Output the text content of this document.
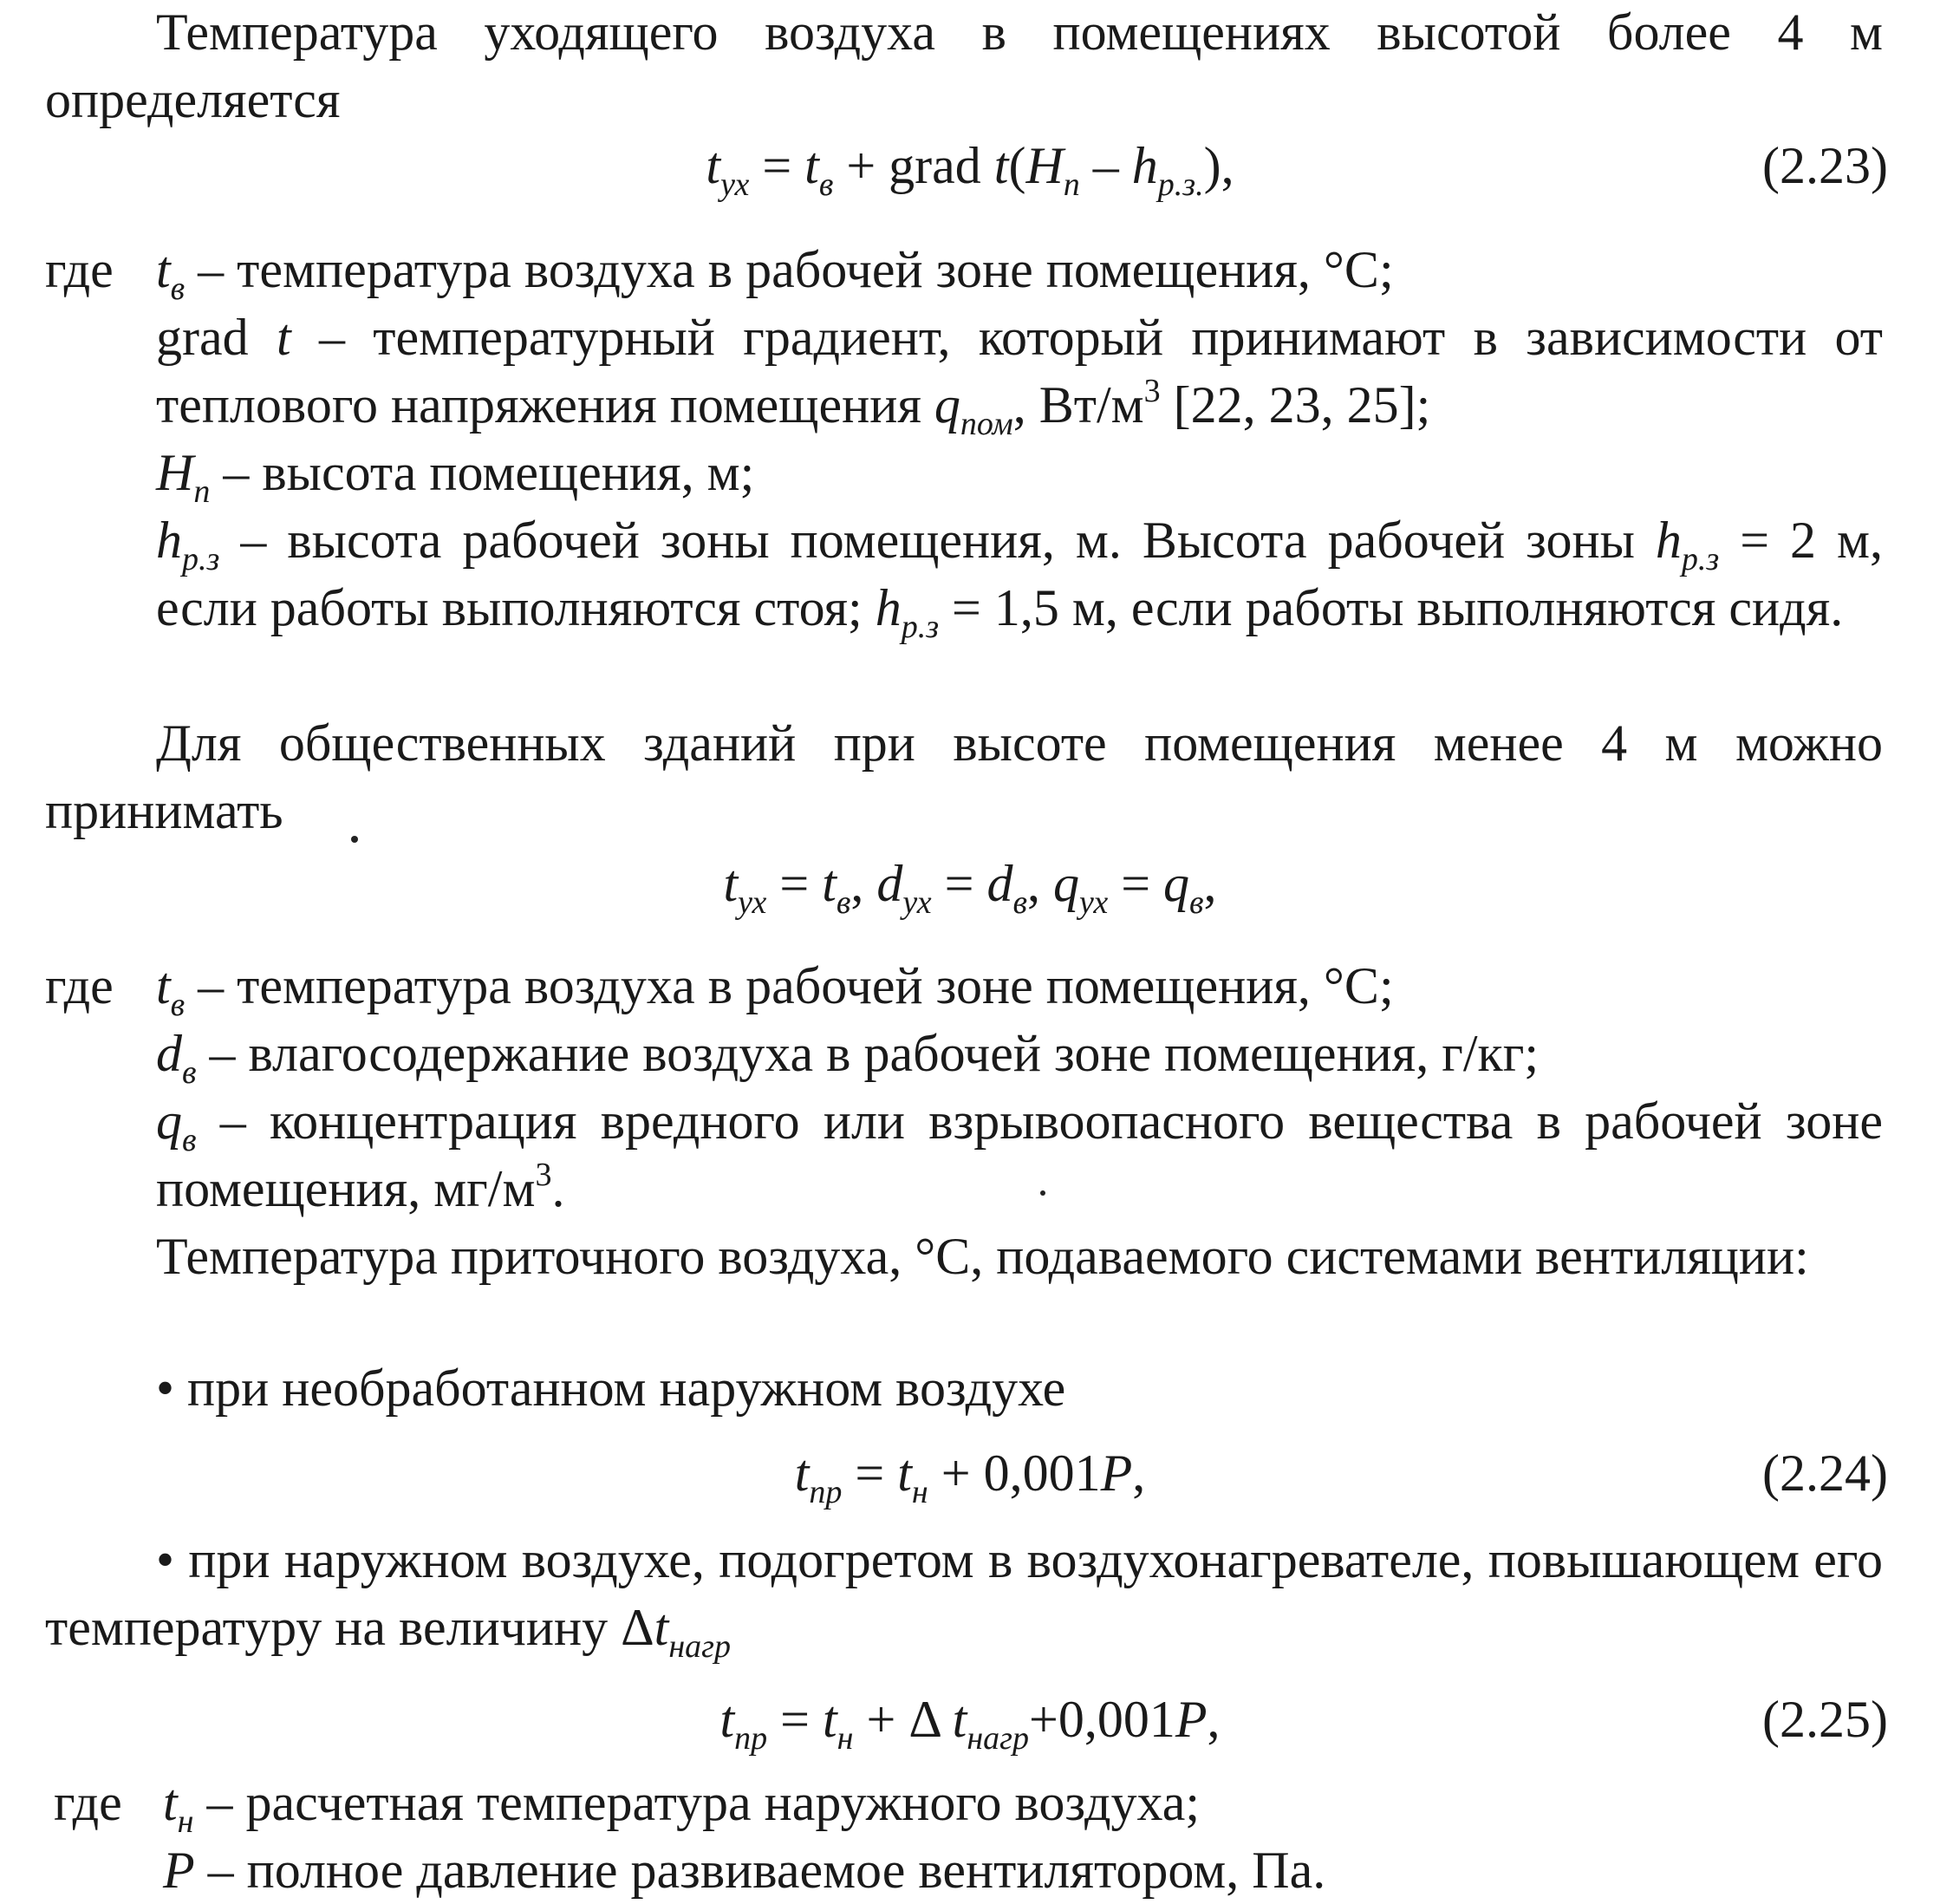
Температура уходящего воздуха в помещениях высотой более 4 м определяется
$t_{ух} = t_в$ + grad $t(H_п - h_{р.з.})$,	(2.23)
где $t_в$ – температура воздуха в рабочей зоне помещения, °С;
grad t – температурный градиент, который принимают в зависимости от теплового напряжения помещения $q_{пом}$, $Вт/м^3$ [22, 23, 25];
$H_п$ – высота помещения, м;
$h_{р.з}$ – высота рабочей зоны помещения, м. Высота рабочей зоны $h_{р.з} = 2$ м, если работы выполняются стоя; $h_{р.з} = 1,5$ м, если работы выполняются сидя.
Для общественных зданий при высоте помещения менее 4 м можно принимать
$t_{ух} = t_в$, $d_{ух} = d_в$, $q_{ух} = q_в$,
где $t_в$ – температура воздуха в рабочей зоне помещения, °С;
$d_в$ – влагосодержание воздуха в рабочей зоне помещения, г/кг;
$q_в$ – концентрация вредного или взрывоопасного вещества в рабочей зоне помещения, $мг/м^3$.
Температура приточного воздуха, °С, подаваемого системами вентиляции:
• при необработанном наружном воздухе
$t_{пр} = t_н + 0,001P$,	(2.24)
• при наружном воздухе, подогретом в воздухонагревателе, повышающем его температуру на величину $\Delta t_{нагр}$
$t_{пр} = t_н + \Delta$ $t_{нагр}+0,001P$,	(2.25)
где $t_н$ – расчетная температура наружного воздуха;
P – полное давление развиваемое вентилятором, Па.
